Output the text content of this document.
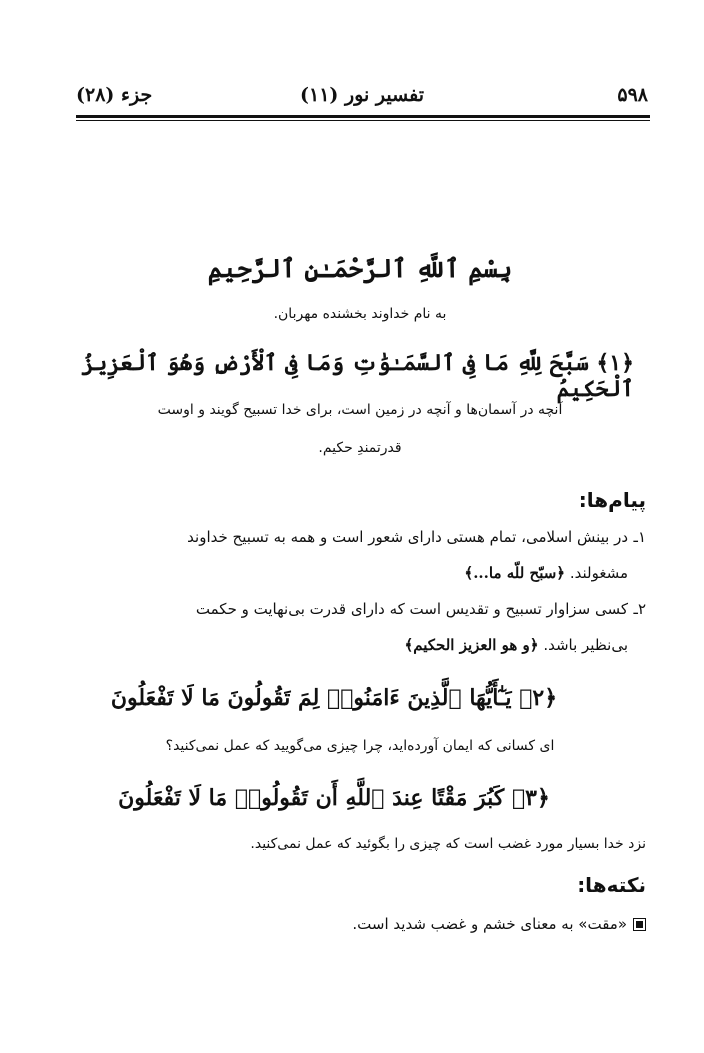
۵۹۸
تفسیر نور (۱۱)
جزء (۲۸)
بِسْمِ ٱللَّهِ ٱلرَّحْمَـٰنِ ٱلرَّحِيمِ
به نام خداوند بخشنده مهربان.
﴿۱﴾ سَبَّحَ لِلَّهِ مَا فِى ٱلسَّمَـٰوَٰتِ وَمَا فِى ٱلْأَرْضِ وَهُوَ ٱلْعَزِيزُ ٱلْحَكِيمُ
آنچه در آسمان‌ها و آنچه در زمین است، برای خدا تسبیح گویند و اوست
قدرتمندِ حکیم.
پیام‌ها:
۱ـدر بینش اسلامی، تمام هستی دارای شعور است و همه به تسبیح خداوند
مشغولند. ﴿سبّح للّه ما...﴾
۲ـکسی سزاوار تسبیح و تقدیس است که دارای قدرت بی‌نهایت و حکمت
بی‌نظیر باشد. ﴿و هو العزیز الحکیم﴾
﴿۲﴾ يَـٰٓأَيُّهَا ٱلَّذِينَ ءَامَنُوا۟ لِمَ تَقُولُونَ مَا لَا تَفْعَلُونَ
ای کسانی که ایمان آورده‌اید، چرا چیزی می‌گویید که عمل نمی‌کنید؟
﴿۳﴾ كَبُرَ مَقْتًا عِندَ ٱللَّهِ أَن تَقُولُوا۟ مَا لَا تَفْعَلُونَ
نزد خدا بسیار مورد غضب است که چیزی را بگوئید که عمل نمی‌کنید.
نکته‌ها:
«مقت» به معنای خشم و غضب شدید است.
